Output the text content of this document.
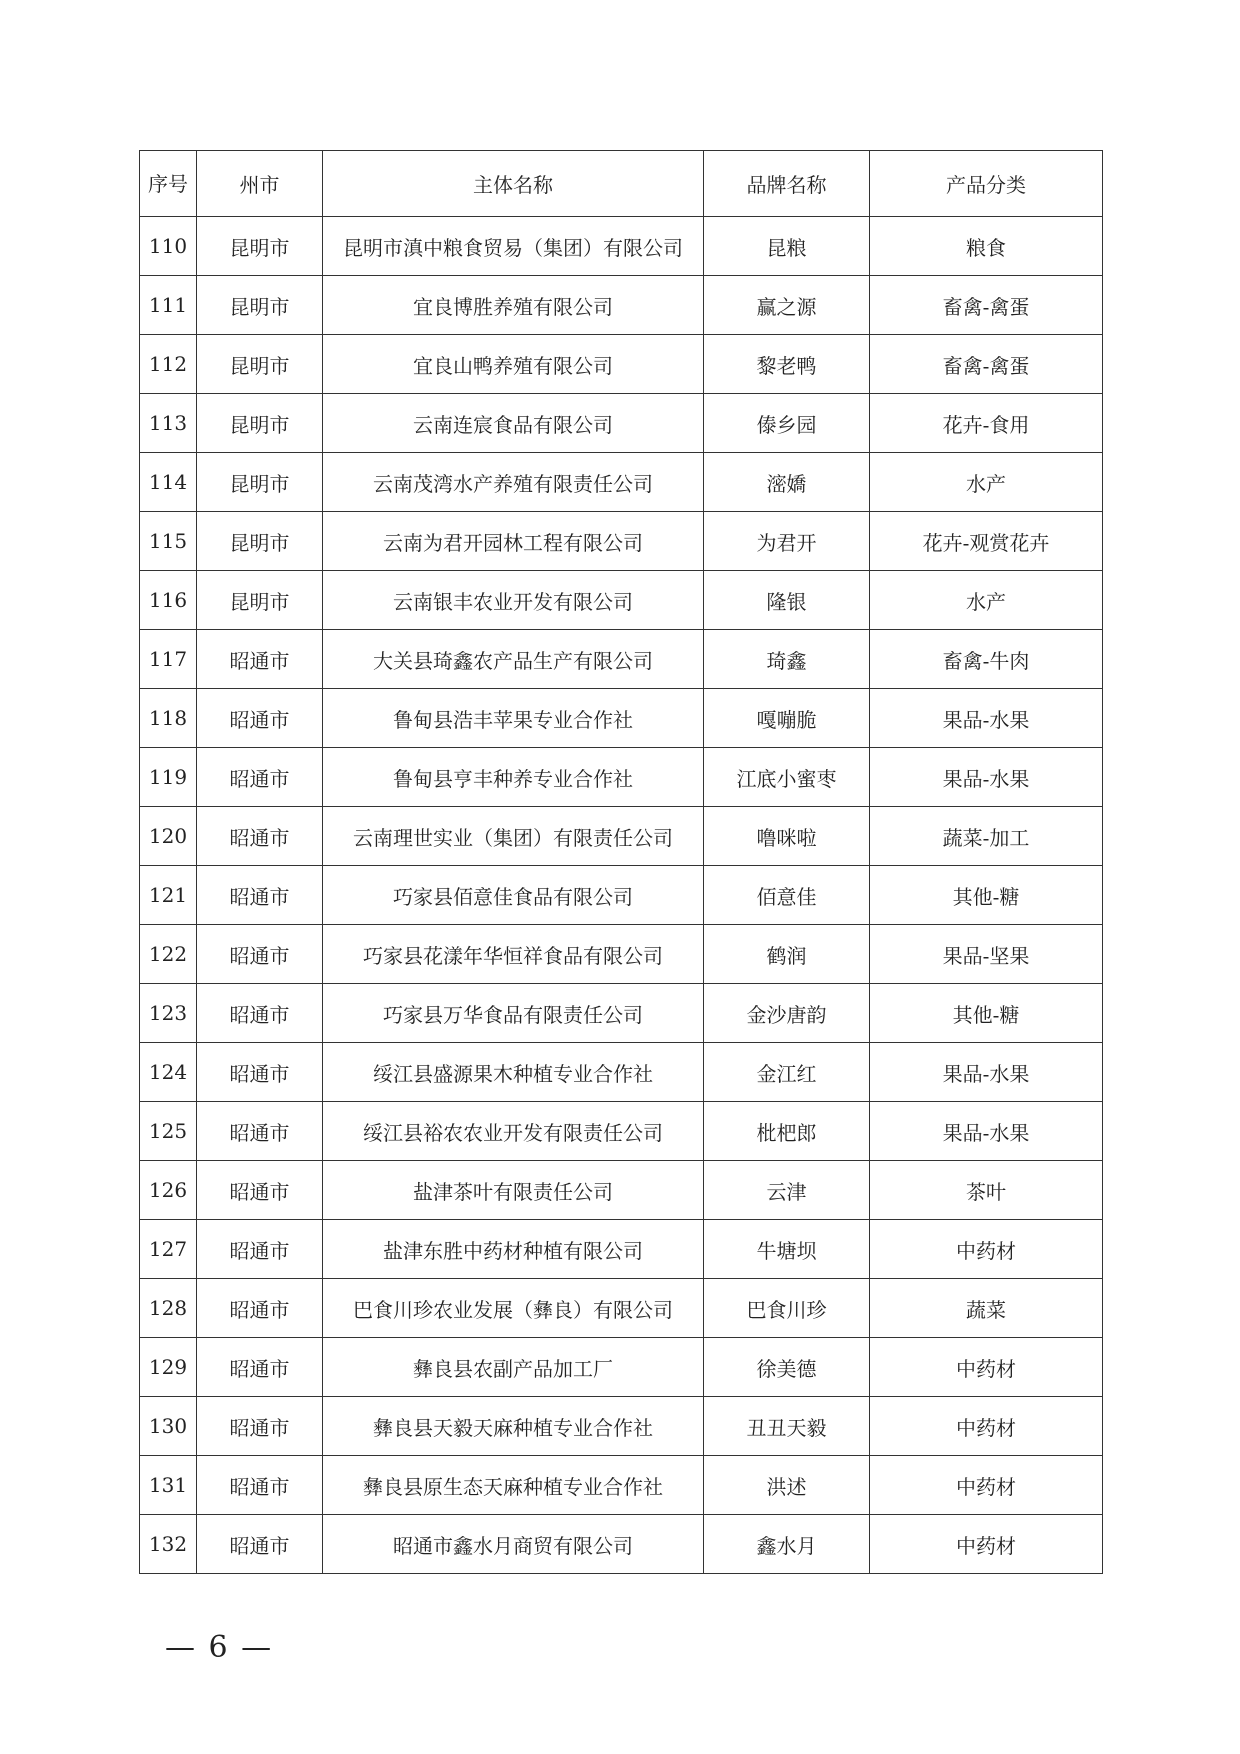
序号	州市	主体名称	品牌名称	产品分类
110	昆明市	昆明市滇中粮食贸易（集团）有限公司	昆粮	粮食
111	昆明市	宜良博胜养殖有限公司	赢之源	畜禽-禽蛋
112	昆明市	宜良山鸭养殖有限公司	黎老鸭	畜禽-禽蛋
113	昆明市	云南连宸食品有限公司	傣乡园	花卉-食用
114	昆明市	云南茂湾水产养殖有限责任公司	滵嬌	水产
115	昆明市	云南为君开园林工程有限公司	为君开	花卉-观赏花卉
116	昆明市	云南银丰农业开发有限公司	隆银	水产
117	昭通市	大关县琦鑫农产品生产有限公司	琦鑫	畜禽-牛肉
118	昭通市	鲁甸县浩丰苹果专业合作社	嘎嘣脆	果品-水果
119	昭通市	鲁甸县亨丰种养专业合作社	江底小蜜枣	果品-水果
120	昭通市	云南理世实业（集团）有限责任公司	噜咪啦	蔬菜-加工
121	昭通市	巧家县佰意佳食品有限公司	佰意佳	其他-糖
122	昭通市	巧家县花漾年华恒祥食品有限公司	鹤润	果品-坚果
123	昭通市	巧家县万华食品有限责任公司	金沙唐韵	其他-糖
124	昭通市	绥江县盛源果木种植专业合作社	金江红	果品-水果
125	昭通市	绥江县裕农农业开发有限责任公司	枇杷郎	果品-水果
126	昭通市	盐津茶叶有限责任公司	云津	茶叶
127	昭通市	盐津东胜中药材种植有限公司	牛塘坝	中药材
128	昭通市	巴食川珍农业发展（彝良）有限公司	巴食川珍	蔬菜
129	昭通市	彝良县农副产品加工厂	徐美德	中药材
130	昭通市	彝良县天毅天麻种植专业合作社	丑丑天毅	中药材
131	昭通市	彝良县原生态天麻种植专业合作社	洪述	中药材
132	昭通市	昭通市鑫水月商贸有限公司	鑫水月	中药材
— 6 —
